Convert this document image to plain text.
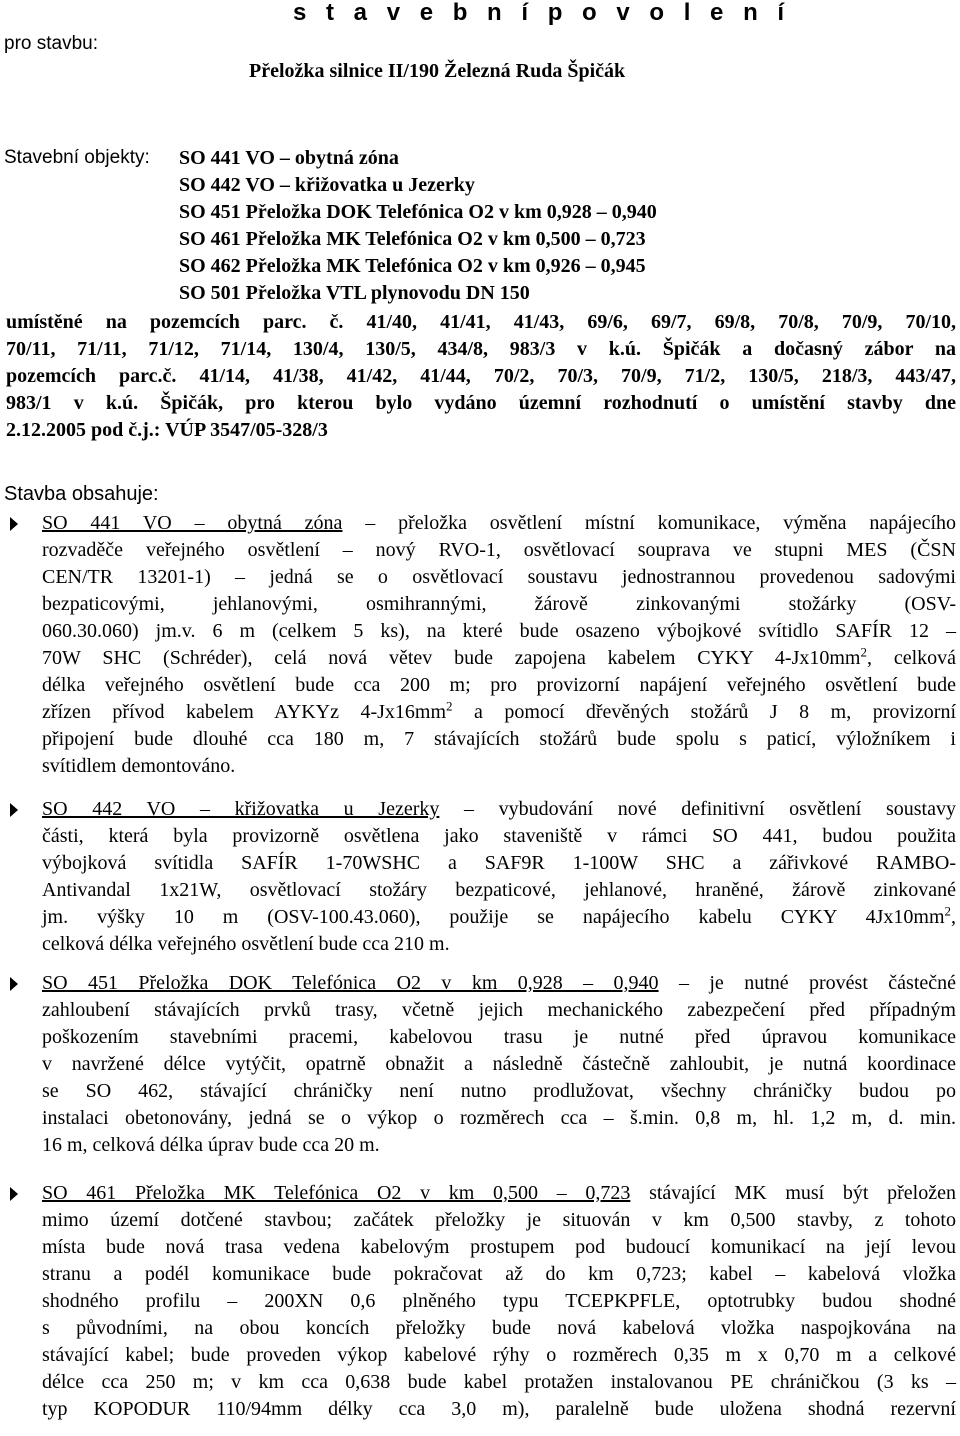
s t a v e b n í p o v o l e n í
pro stavbu:
Přeložka silnice II/190 Železná Ruda Špičák
Stavební objekty: SO 441 VO – obytná zóna
SO 442 VO – křižovatka u Jezerky
SO 451 Přeložka DOK Telefónica O2 v km 0,928 – 0,940
SO 461 Přeložka MK Telefónica O2 v km 0,500 – 0,723
SO 462 Přeložka MK Telefónica O2 v km 0,926 – 0,945
SO 501 Přeložka VTL plynovodu DN 150
umístěné na pozemcích parc. č. 41/40, 41/41, 41/43, 69/6, 69/7, 69/8, 70/8, 70/9, 70/10,
70/11, 71/11, 71/12, 71/14, 130/4, 130/5, 434/8, 983/3 v k.ú. Špičák a dočasný zábor na
pozemcích parc.č. 41/14, 41/38, 41/42, 41/44, 70/2, 70/3, 70/9, 71/2, 130/5, 218/3, 443/47,
983/1 v k.ú. Špičák, pro kterou bylo vydáno územní rozhodnutí o umístění stavby dne
2.12.2005 pod č.j.: VÚP 3547/05-328/3
Stavba obsahuje:
SO 441 VO – obytná zóna – přeložka osvětlení místní komunikace, výměna napájecího
rozvaděče veřejného osvětlení – nový RVO-1, osvětlovací souprava ve stupni MES (ČSN
CEN/TR 13201-1) – jedná se o osvětlovací soustavu jednostrannou provedenou sadovými
bezpaticovými, jehlanovými, osmihrannými, žárově zinkovanými stožárky (OSV-
060.30.060) jm.v. 6 m (celkem 5 ks), na které bude osazeno výbojkové svítidlo SAFÍR 12 –
70W SHC (Schréder), celá nová větev bude zapojena kabelem CYKY $4-Jx10mm^2$, celková
délka veřejného osvětlení bude cca 200 m; pro provizorní napájení veřejného osvětlení bude
zřízen přívod kabelem AYKYz $4-Jx16mm^2$ a pomocí dřevěných stožárů J 8 m, provizorní
připojení bude dlouhé cca 180 m, 7 stávajících stožárů bude spolu s paticí, výložníkem i
svítidlem demontováno.
SO 442 VO – křižovatka u Jezerky – vybudování nové definitivní osvětlení soustavy
části, která byla provizorně osvětlena jako staveniště v rámci SO 441, budou použita
výbojková svítidla SAFÍR 1-70WSHC a SAF9R 1-100W SHC a zářivkové RAMBO-
Antivandal 1x21W, osvětlovací stožáry bezpaticové, jehlanové, hraněné, žárově zinkované
jm. výšky 10 m (OSV-100.43.060), použije se napájecího kabelu CYKY $4Jx10mm^2$,
celková délka veřejného osvětlení bude cca 210 m.
SO 451 Přeložka DOK Telefónica O2 v km 0,928 – 0,940 – je nutné provést částečné
zahloubení stávajících prvků trasy, včetně jejich mechanického zabezpečení před případným
poškozením stavebními pracemi, kabelovou trasu je nutné před úpravou komunikace
v navržené délce vytýčit, opatrně obnažit a následně částečně zahloubit, je nutná koordinace
se SO 462, stávající chráničky není nutno prodlužovat, všechny chráničky budou po
instalaci obetonovány, jedná se o výkop o rozměrech cca – š.min. 0,8 m, hl. 1,2 m, d. min.
16 m, celková délka úprav bude cca 20 m.
SO 461 Přeložka MK Telefónica O2 v km 0,500 – 0,723 stávající MK musí být přeložen
mimo území dotčené stavbou; začátek přeložky je situován v km 0,500 stavby, z tohoto
místa bude nová trasa vedena kabelovým prostupem pod budoucí komunikací na její levou
stranu a podél komunikace bude pokračovat až do km 0,723; kabel – kabelová vložka
shodného profilu – 200XN 0,6 plněného typu TCEPKPFLE, optotrubky budou shodné
s původními, na obou koncích přeložky bude nová kabelová vložka naspojkována na
stávající kabel; bude proveden výkop kabelové rýhy o rozměrech 0,35 m x 0,70 m a celkové
délce cca 250 m; v km cca 0,638 bude kabel protažen instalovanou PE chráničkou (3 ks –
typ KOPODUR 110/94mm délky cca 3,0 m), paralelně bude uložena shodná rezervní
